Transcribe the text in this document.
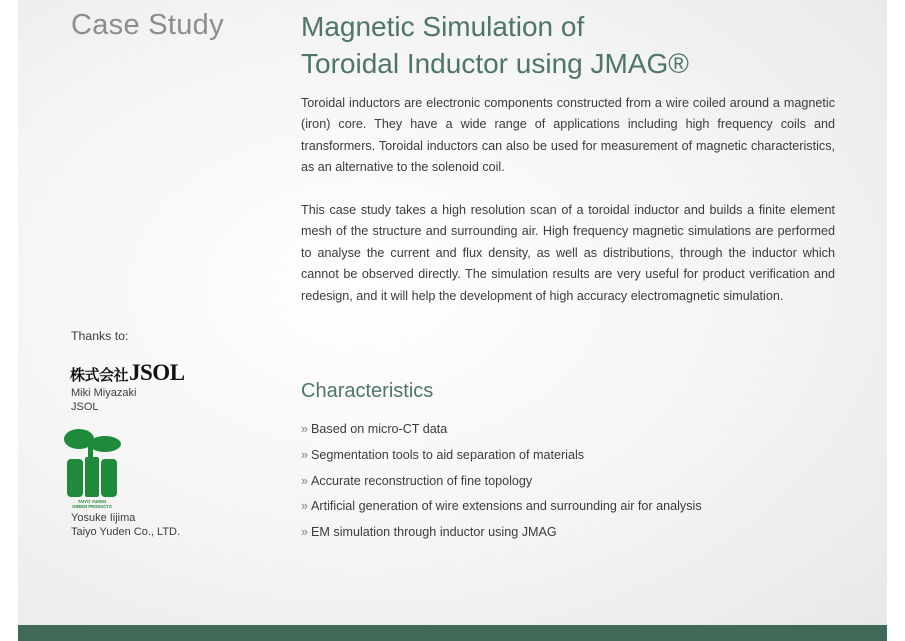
Case Study	Magnetic Simulation of
Toroidal Inductor using JMAG®

Toroidal inductors are electronic components constructed from a wire coiled around a magnetic (iron) core. They have a wide range of applications including high frequency coils and transformers. Toroidal inductors can also be used for measurement of magnetic characteristics, as an alternative to the solenoid coil.

This case study takes a high resolution scan of a toroidal inductor and builds a finite element mesh of the structure and surrounding air. High frequency magnetic simulations are performed to analyse the current and flux density, as well as distributions, through the inductor which cannot be observed directly. The simulation results are very useful for product verification and redesign, and it will help the development of high accuracy electromagnetic simulation.

Characteristics
» Based on micro-CT data
» Segmentation tools to aid separation of materials
» Accurate reconstruction of fine topology
» Artificial generation of wire extensions and surrounding air for analysis
» EM simulation through inductor using JMAG
Thanks to:
株式会社JSOL
Miki Miyazaki
JSOL
TAIYO YUDEN
GREEN PRODUCTS
Yosuke Iijima
Taiyo Yuden Co., LTD.
